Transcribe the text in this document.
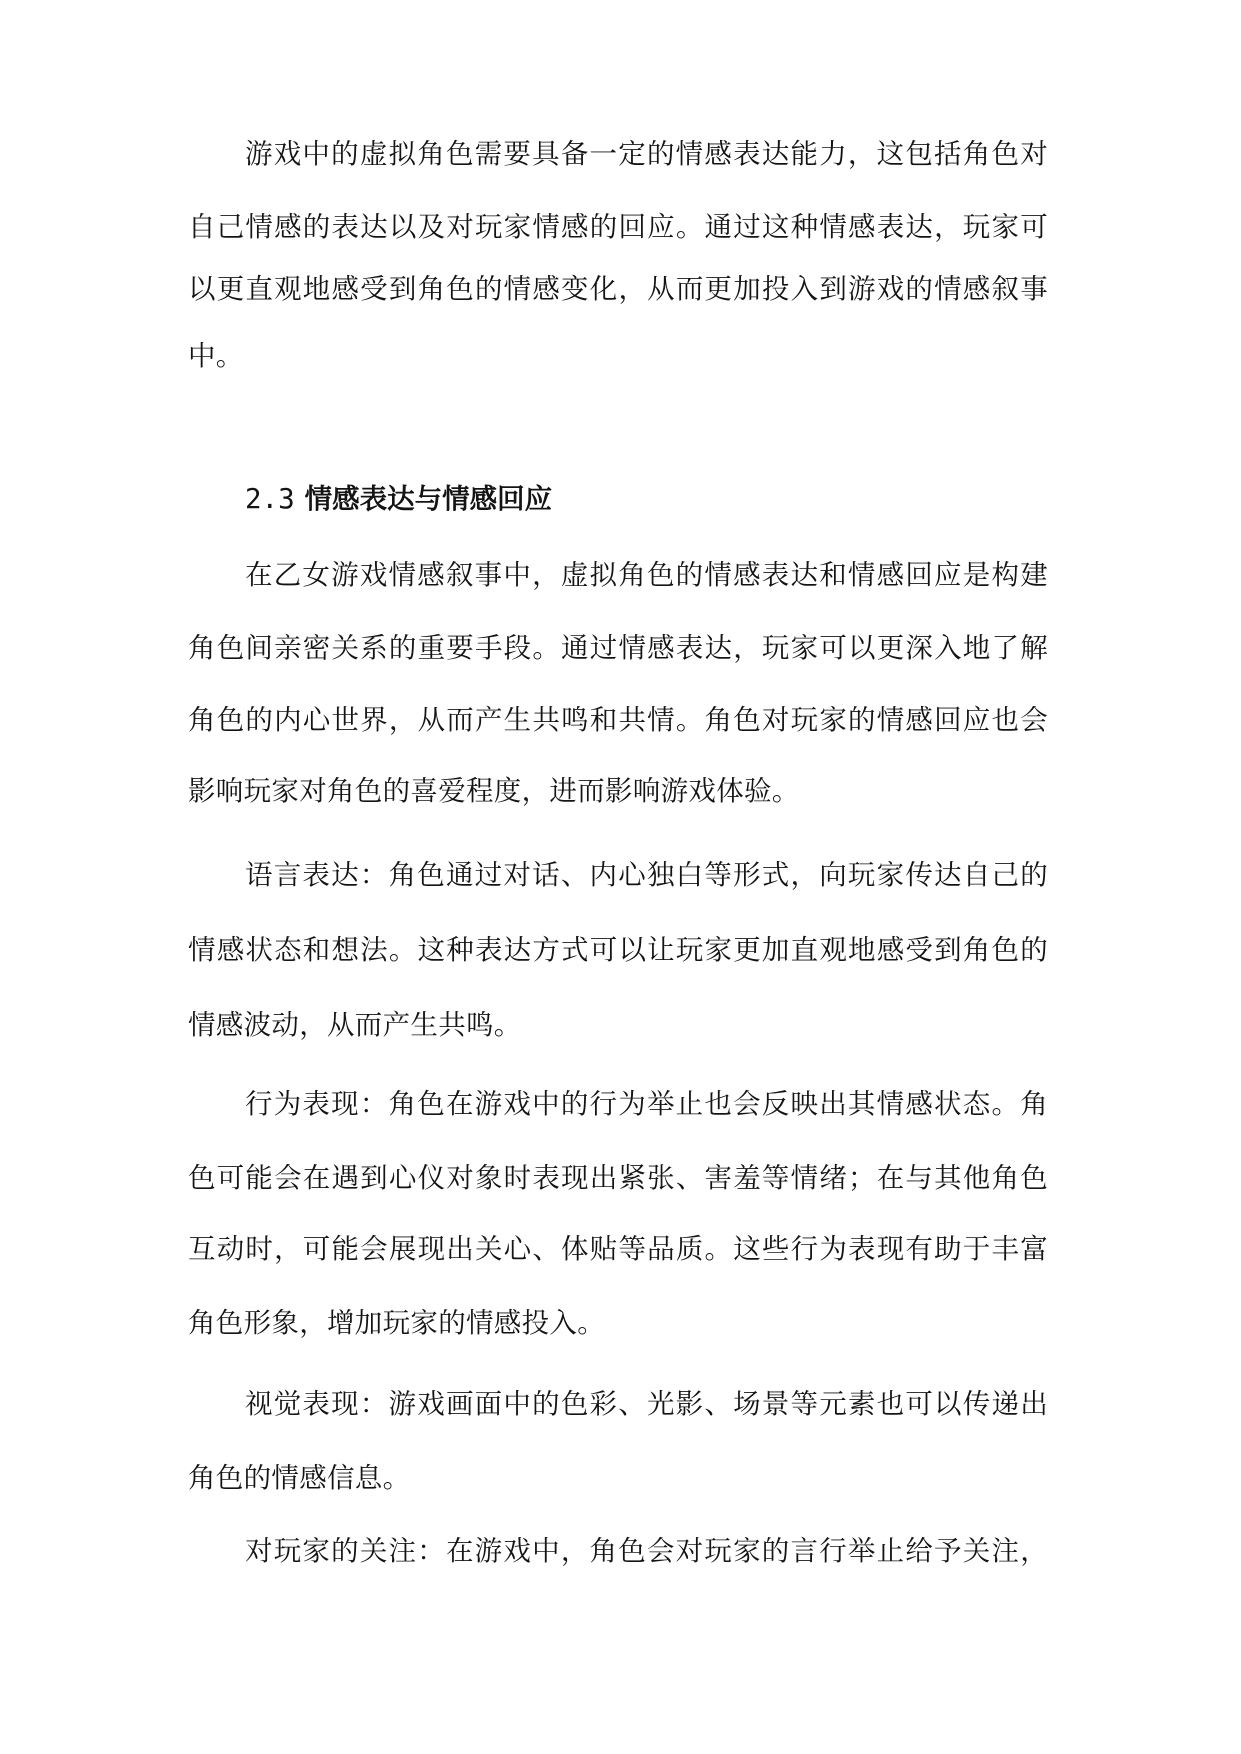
游戏中的虚拟角色需要具备一定的情感表达能力，这包括角色对
自己情感的表达以及对玩家情感的回应。通过这种情感表达，玩家可
以更直观地感受到角色的情感变化，从而更加投入到游戏的情感叙事
中。
2.3 情感表达与情感回应
在乙女游戏情感叙事中，虚拟角色的情感表达和情感回应是构建
角色间亲密关系的重要手段。通过情感表达，玩家可以更深入地了解
角色的内心世界，从而产生共鸣和共情。角色对玩家的情感回应也会
影响玩家对角色的喜爱程度，进而影响游戏体验。
语言表达：角色通过对话、内心独白等形式，向玩家传达自己的
情感状态和想法。这种表达方式可以让玩家更加直观地感受到角色的
情感波动，从而产生共鸣。
行为表现：角色在游戏中的行为举止也会反映出其情感状态。角
色可能会在遇到心仪对象时表现出紧张、害羞等情绪；在与其他角色
互动时，可能会展现出关心、体贴等品质。这些行为表现有助于丰富
角色形象，增加玩家的情感投入。
视觉表现：游戏画面中的色彩、光影、场景等元素也可以传递出
角色的情感信息。
对玩家的关注：在游戏中，角色会对玩家的言行举止给予关注，
